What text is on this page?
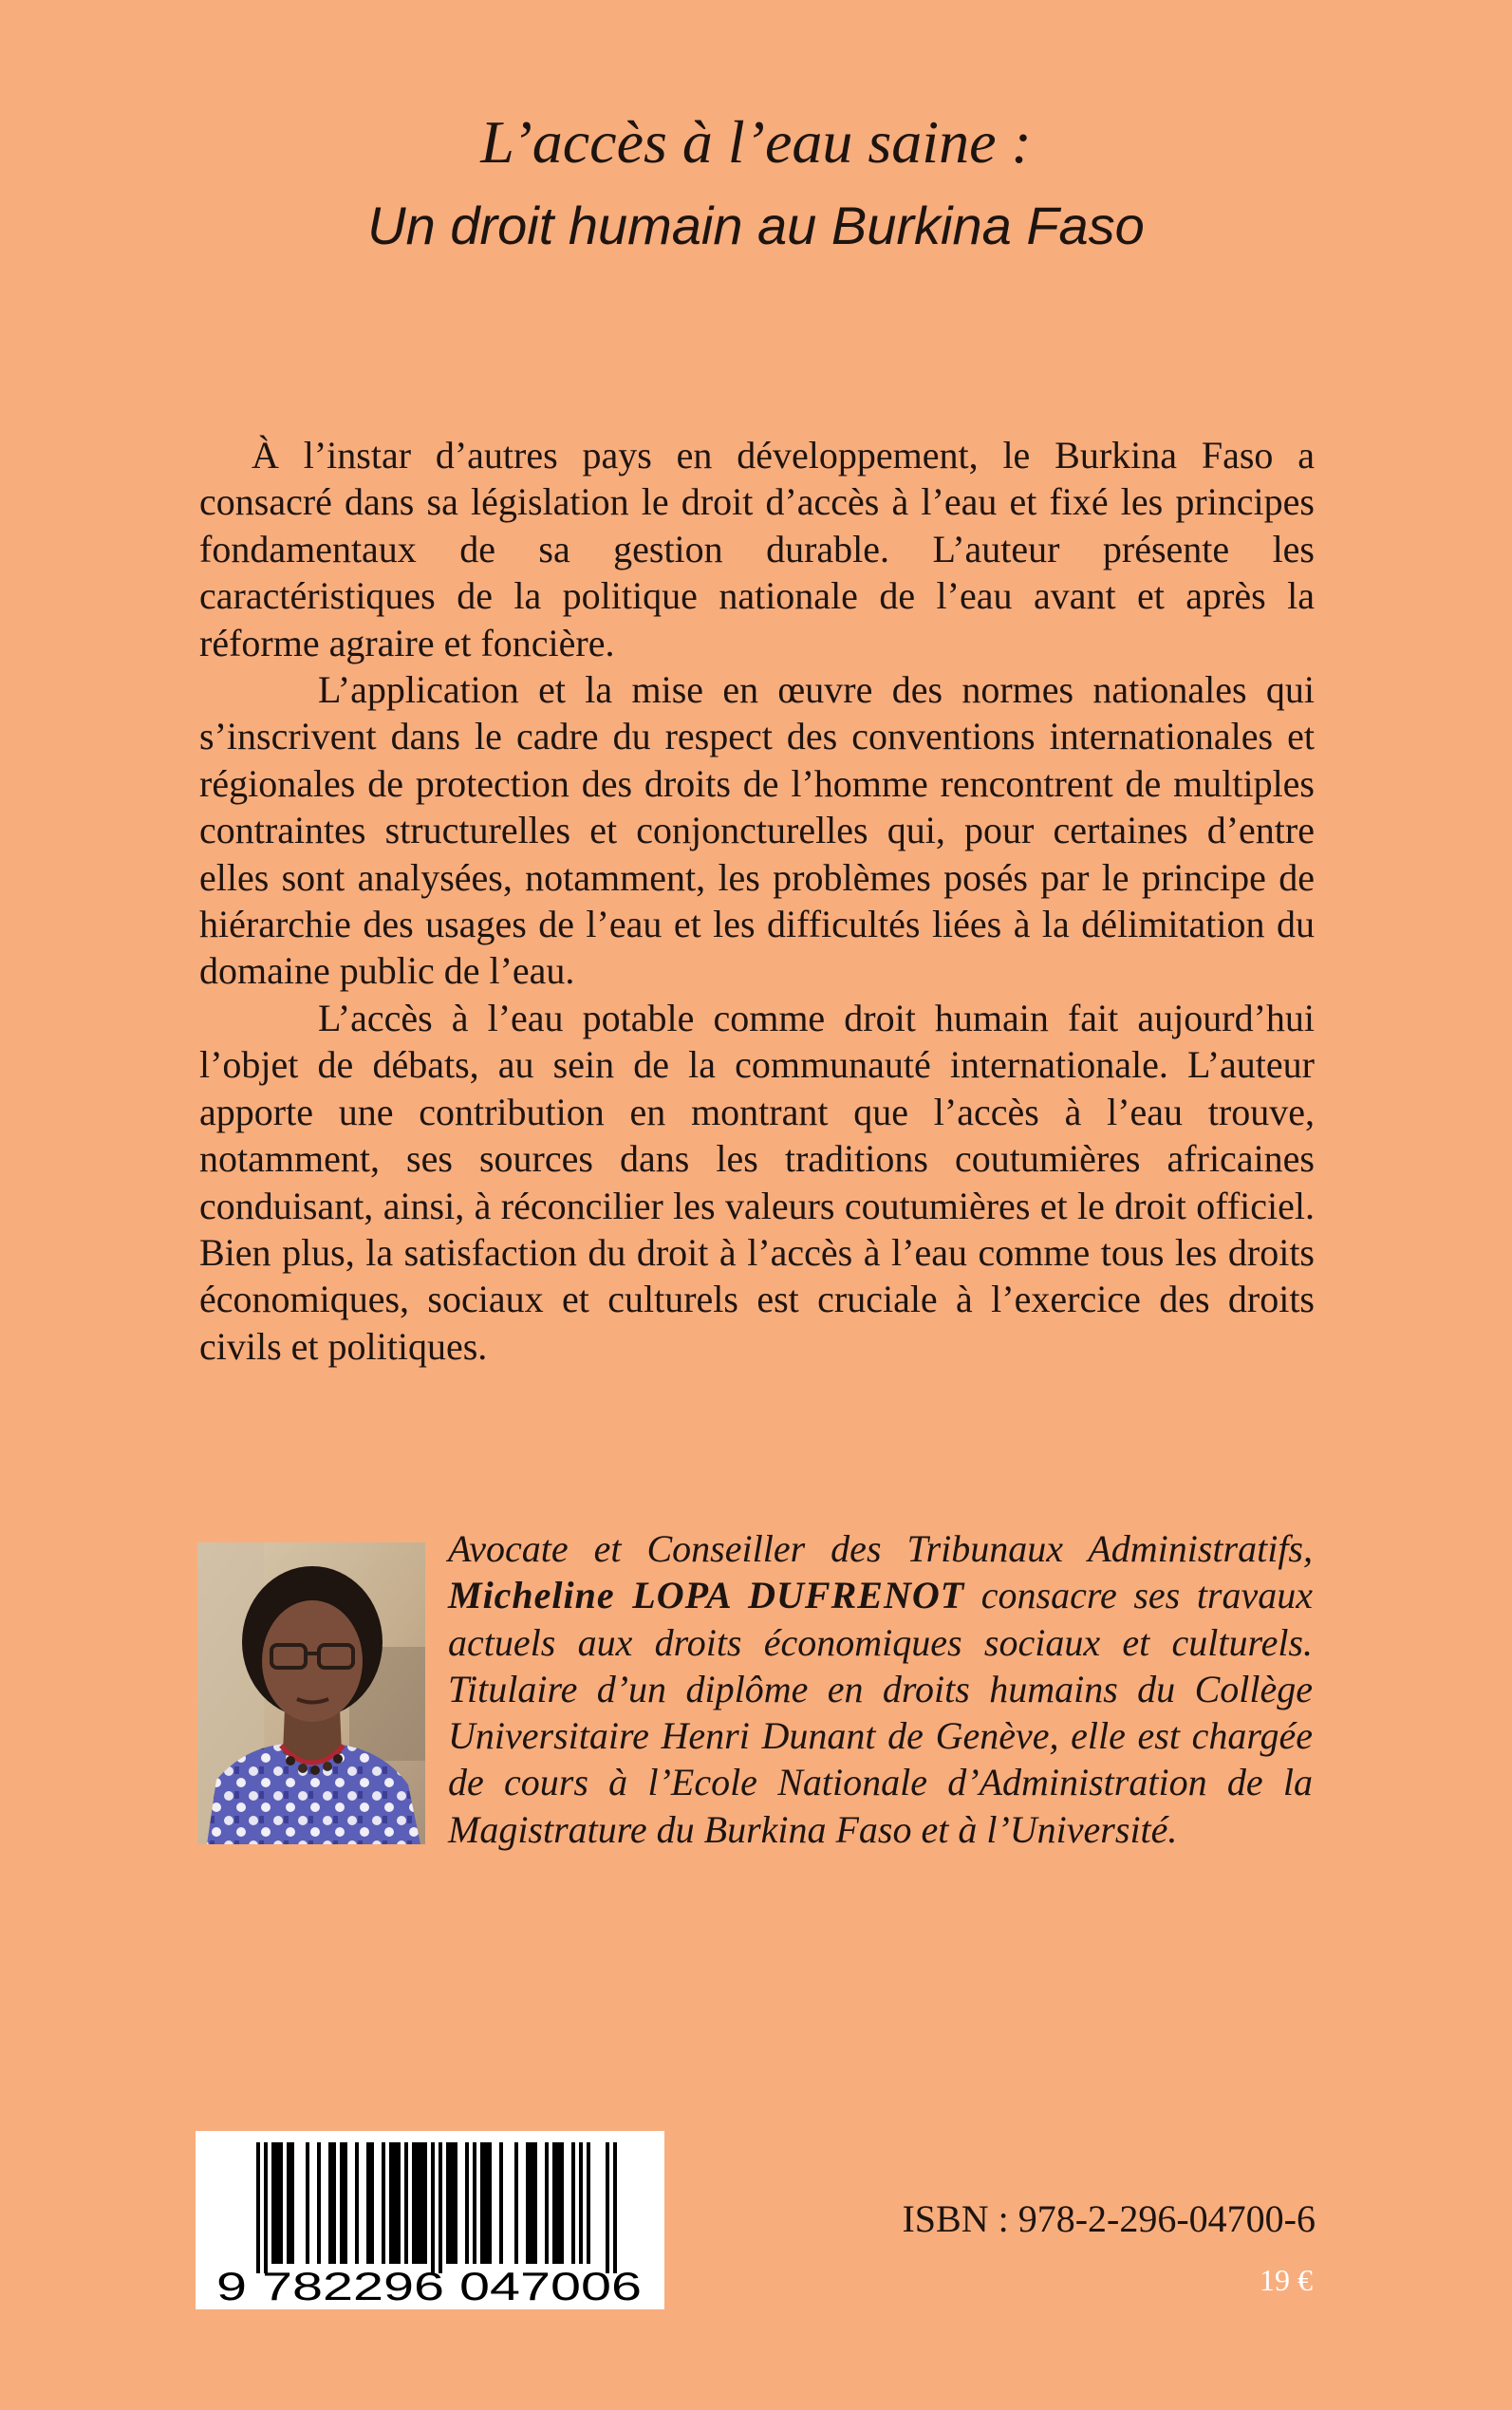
L’accès à l’eau saine :
Un droit humain au Burkina Faso

À l’instar d’autres pays en développement, le Burkina Faso a consacré dans sa législation le droit d’accès à l’eau et fixé les principes fondamentaux de sa gestion durable. L’auteur présente les caractéristiques de la politique nationale de l’eau avant et après la réforme agraire et foncière.

L’application et la mise en œuvre des normes nationales qui s’inscrivent dans le cadre du respect des conventions internationales et régionales de protection des droits de l’homme rencontrent de multiples contraintes structurelles et conjoncturelles qui, pour certaines d’entre elles sont analysées, notamment, les problèmes posés par le principe de hiérarchie des usages de l’eau et les difficultés liées à la délimitation du domaine public de l’eau.

L’accès à l’eau potable comme droit humain fait aujourd’hui l’objet de débats, au sein de la communauté internationale. L’auteur apporte une contribution en montrant que l’accès à l’eau trouve, notamment, ses sources dans les traditions coutumières africaines conduisant, ainsi, à réconcilier les valeurs coutumières et le droit officiel. Bien plus, la satisfaction du droit à l’accès à l’eau comme tous les droits économiques, sociaux et culturels est cruciale à l’exercice des droits civils et politiques.

Avocate et Conseiller des Tribunaux Administratifs, Micheline LOPA DUFRENOT consacre ses travaux actuels aux droits économiques sociaux et culturels. Titulaire d’un diplôme en droits humains du Collège Universitaire Henri Dunant de Genève, elle est chargée de cours à l’Ecole Nationale d’Administration de la Magistrature du Burkina Faso et à l’Université.
9 782296 047006
ISBN : 978-2-296-04700-6
19 €
